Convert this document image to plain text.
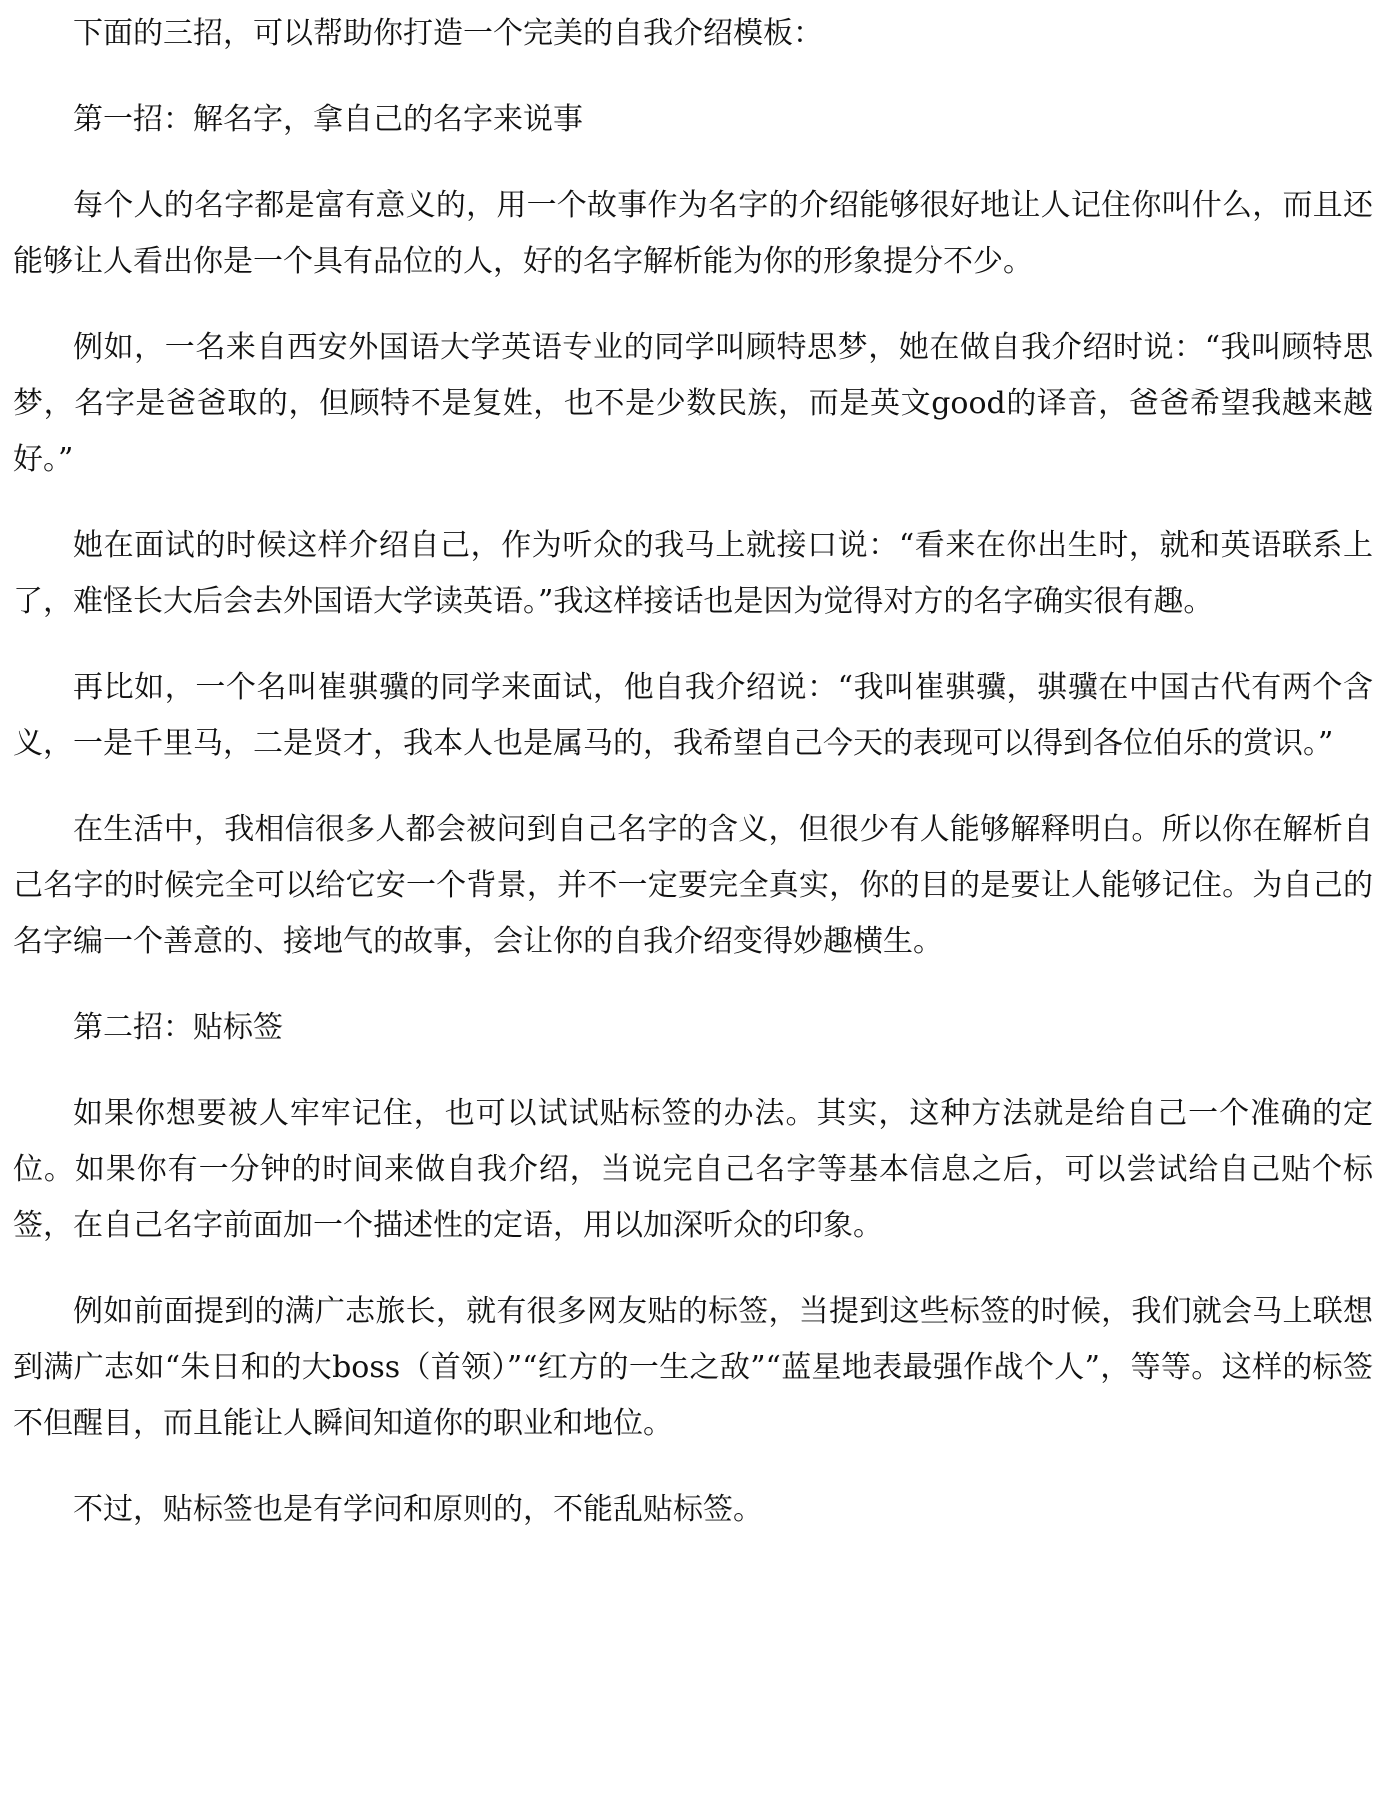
下面的三招，可以帮助你打造一个完美的自我介绍模板：

第一招：解名字，拿自己的名字来说事

每个人的名字都是富有意义的，用一个故事作为名字的介绍能够很好地让人记住你叫什么，而且还能够让人看出你是一个具有品位的人，好的名字解析能为你的形象提分不少。

例如，一名来自西安外国语大学英语专业的同学叫顾特思梦，她在做自我介绍时说：“我叫顾特思梦，名字是爸爸取的，但顾特不是复姓，也不是少数民族，而是英文good的译音，爸爸希望我越来越好。”

她在面试的时候这样介绍自己，作为听众的我马上就接口说：“看来在你出生时，就和英语联系上了，难怪长大后会去外国语大学读英语。”我这样接话也是因为觉得对方的名字确实很有趣。

再比如，一个名叫崔骐骥的同学来面试，他自我介绍说：“我叫崔骐骥，骐骥在中国古代有两个含义，一是千里马，二是贤才，我本人也是属马的，我希望自己今天的表现可以得到各位伯乐的赏识。”

在生活中，我相信很多人都会被问到自己名字的含义，但很少有人能够解释明白。所以你在解析自己名字的时候完全可以给它安一个背景，并不一定要完全真实，你的目的是要让人能够记住。为自己的名字编一个善意的、接地气的故事，会让你的自我介绍变得妙趣横生。

第二招：贴标签

如果你想要被人牢牢记住，也可以试试贴标签的办法。其实，这种方法就是给自己一个准确的定位。如果你有一分钟的时间来做自我介绍，当说完自己名字等基本信息之后，可以尝试给自己贴个标签，在自己名字前面加一个描述性的定语，用以加深听众的印象。

例如前面提到的满广志旅长，就有很多网友贴的标签，当提到这些标签的时候，我们就会马上联想到满广志如“朱日和的大boss（首领）”“红方的一生之敌”“蓝星地表最强作战个人”，等等。这样的标签不但醒目，而且能让人瞬间知道你的职业和地位。

不过，贴标签也是有学问和原则的，不能乱贴标签。
